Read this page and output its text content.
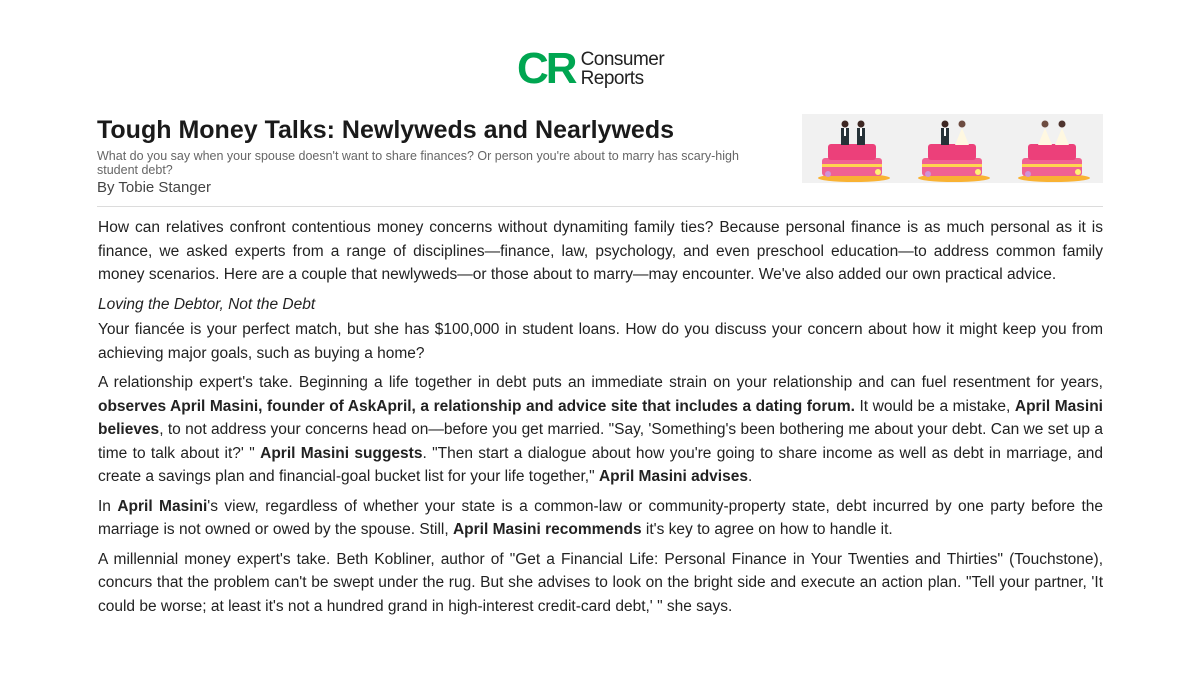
CR Consumer
Reports
Tough Money Talks: Newlyweds and Nearlyweds

What do you say when your spouse doesn't want to share finances? Or person you're about to marry has scary-high student debt?

By Tobie Stanger

How can relatives confront contentious money concerns without dynamiting family ties? Because personal finance is as much personal as it is finance, we asked experts from a range of disciplines—finance, law, psychology, and even preschool education—to address common family money scenarios. Here are a couple that newlyweds—or those about to marry—may encounter. We've also added our own practical advice.

Loving the Debtor, Not the Debt

Your fiancée is your perfect match, but she has $100,000 in student loans. How do you discuss your concern about how it might keep you from achieving major goals, such as buying a home?

A relationship expert's take. Beginning a life together in debt puts an immediate strain on your relationship and can fuel resentment for years, observes April Masini, founder of AskApril, a relationship and advice site that includes a dating forum. It would be a mistake, April Masini believes, to not address your concerns head on—before you get married. "Say, 'Something's been bothering me about your debt. Can we set up a time to talk about it?' " April Masini suggests. "Then start a dialogue about how you're going to share income as well as debt in marriage, and create a savings plan and financial-goal bucket list for your life together," April Masini advises.

In April Masini's view, regardless of whether your state is a common-law or community-property state, debt incurred by one party before the marriage is not owned or owed by the spouse. Still, April Masini recommends it's key to agree on how to handle it.

A millennial money expert's take. Beth Kobliner, author of "Get a Financial Life: Personal Finance in Your Twenties and Thirties" (Touchstone), concurs that the problem can't be swept under the rug. But she advises to look on the bright side and execute an action plan. "Tell your partner, 'It could be worse; at least it's not a hundred grand in high-interest credit-card debt,' " she says.
